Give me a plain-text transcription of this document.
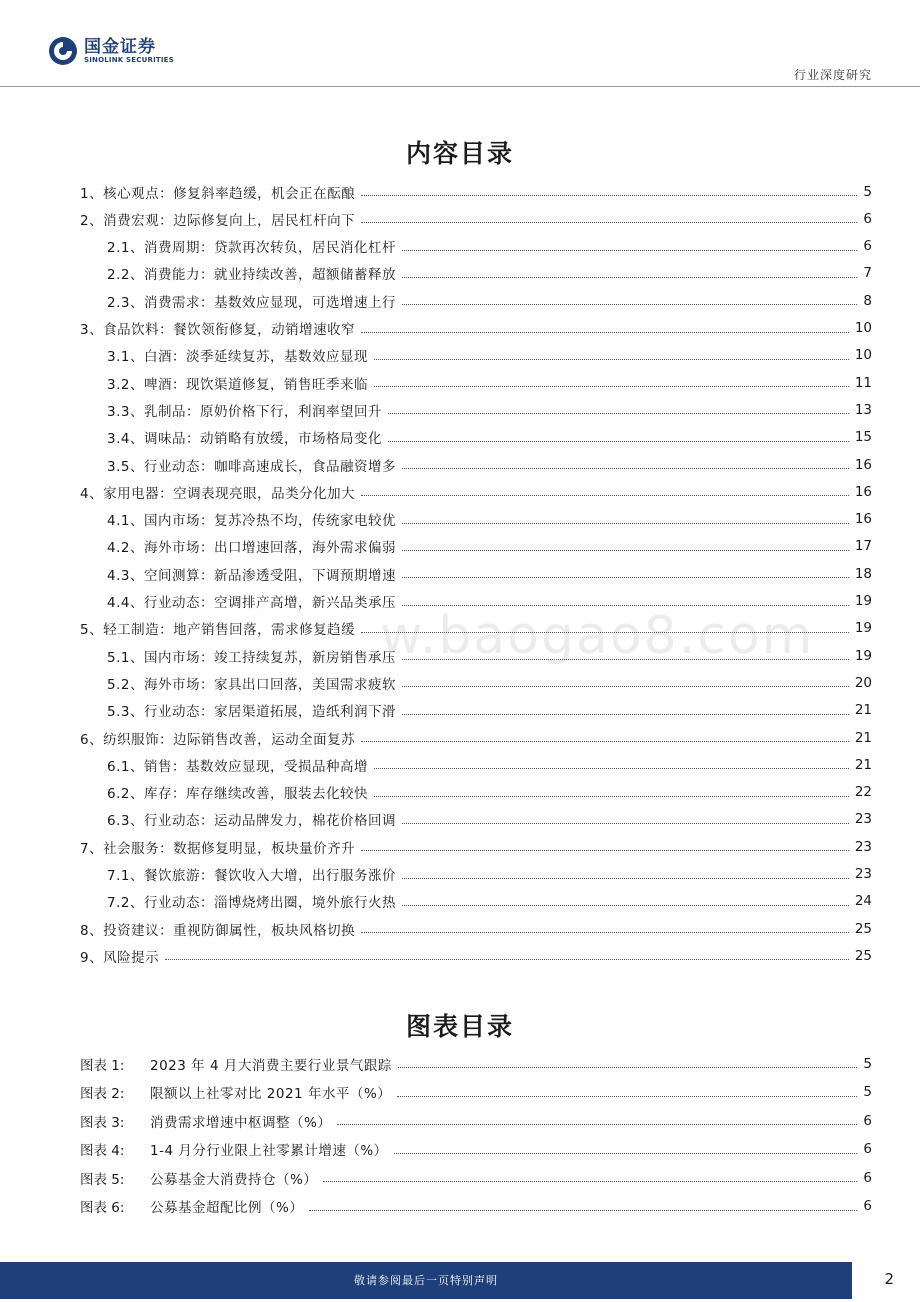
国金证券
SINOLINK SECURITIES
行业深度研究
内容目录
1、核心观点：修复斜率趋缓，机会正在酝酿	5
2、消费宏观：边际修复向上，居民杠杆向下	6
2.1、消费周期：贷款再次转负，居民消化杠杆	6
2.2、消费能力：就业持续改善，超额储蓄释放	7
2.3、消费需求：基数效应显现，可选增速上行	8
3、食品饮料：餐饮领衔修复，动销增速收窄	10
3.1、白酒：淡季延续复苏，基数效应显现	10
3.2、啤酒：现饮渠道修复，销售旺季来临	11
3.3、乳制品：原奶价格下行，利润率望回升	13
3.4、调味品：动销略有放缓，市场格局变化	15
3.5、行业动态：咖啡高速成长，食品融资增多	16
4、家用电器：空调表现亮眼，品类分化加大	16
4.1、国内市场：复苏冷热不均，传统家电较优	16
4.2、海外市场：出口增速回落，海外需求偏弱	17
4.3、空间测算：新品渗透受阻，下调预期增速	18
4.4、行业动态：空调排产高增，新兴品类承压	19
5、轻工制造：地产销售回落，需求修复趋缓	19
5.1、国内市场：竣工持续复苏，新房销售承压	19
5.2、海外市场：家具出口回落，美国需求疲软	20
5.3、行业动态：家居渠道拓展，造纸利润下滑	21
6、纺织服饰：边际销售改善，运动全面复苏	21
6.1、销售：基数效应显现，受损品种高增	21
6.2、库存：库存继续改善，服装去化较快	22
6.3、行业动态：运动品牌发力，棉花价格回调	23
7、社会服务：数据修复明显，板块量价齐升	23
7.1、餐饮旅游：餐饮收入大增，出行服务涨价	23
7.2、行业动态：淄博烧烤出圈，境外旅行火热	24
8、投资建议：重视防御属性，板块风格切换	25
9、风险提示	25
w.baogao8.com
图表目录
图表 1:	2023 年 4 月大消费主要行业景气跟踪	5
图表 2:	限额以上社零对比 2021 年水平（%）	5
图表 3:	消费需求增速中枢调整（%）	6
图表 4:	1-4 月分行业限上社零累计增速（%）	6
图表 5:	公募基金大消费持仓（%）	6
图表 6:	公募基金超配比例（%）	6
敬请参阅最后一页特别声明	2
